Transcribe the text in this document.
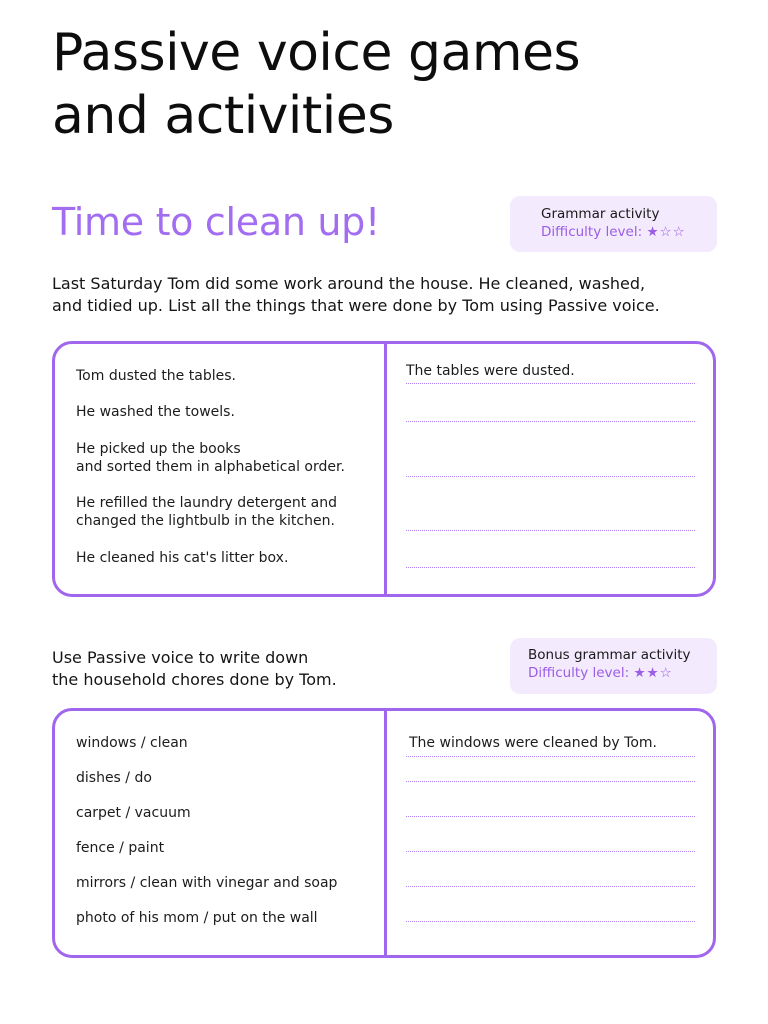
Passive voice games
and activities
Time to clean up!	Grammar activity
Difficulty level: ★☆☆

Last Saturday Tom did some work around the house. He cleaned, washed,
and tidied up. List all the things that were done by Tom using Passive voice.

Tom dusted the tables.
He washed the towels.
He picked up the books
and sorted them in alphabetical order.
He refilled the laundry detergent and
changed the lightbulb in the kitchen.
He cleaned his cat's litter box.
The tables were dusted.
Bonus grammar activity
Difficulty level: ★★☆

Use Passive voice to write down
the household chores done by Tom.

windows / clean
dishes / do
carpet / vacuum
fence / paint
mirrors / clean with vinegar and soap
photo of his mom / put on the wall
The windows were cleaned by Tom.
